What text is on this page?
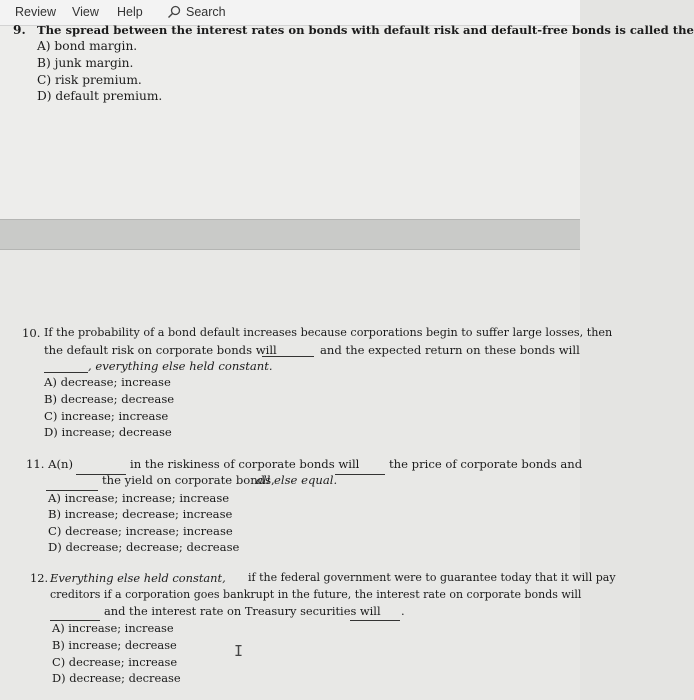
Review View Help	Search
9. The spread between the interest rates on bonds with default risk and default-free bonds is called the
A) bond margin.
B) junk margin.
C) risk premium.
D) default premium.
10. If the probability of a bond default increases because corporations begin to suffer large losses, then
the default risk on corporate bonds will	and the expected return on these bonds will
, everything else held constant.
A) decrease; increase
B) decrease; decrease
C) increase; increase
D) increase; decrease
11. A(n)	in the riskiness of corporate bonds will	the price of corporate bonds and
the yield on corporate bonds,
all else equal.
A) increase; increase; increase
B) increase; decrease; increase
C) decrease; increase; increase
D) decrease; decrease; decrease
12. Everything else held constant, if the federal government were to guarantee today that it will pay
creditors if a corporation goes bankrupt in the future, the interest rate on corporate bonds will
and the interest rate on Treasury securities will .
A) increase; increase
B) increase; decrease
C) decrease; increase
D) decrease; decrease
I
